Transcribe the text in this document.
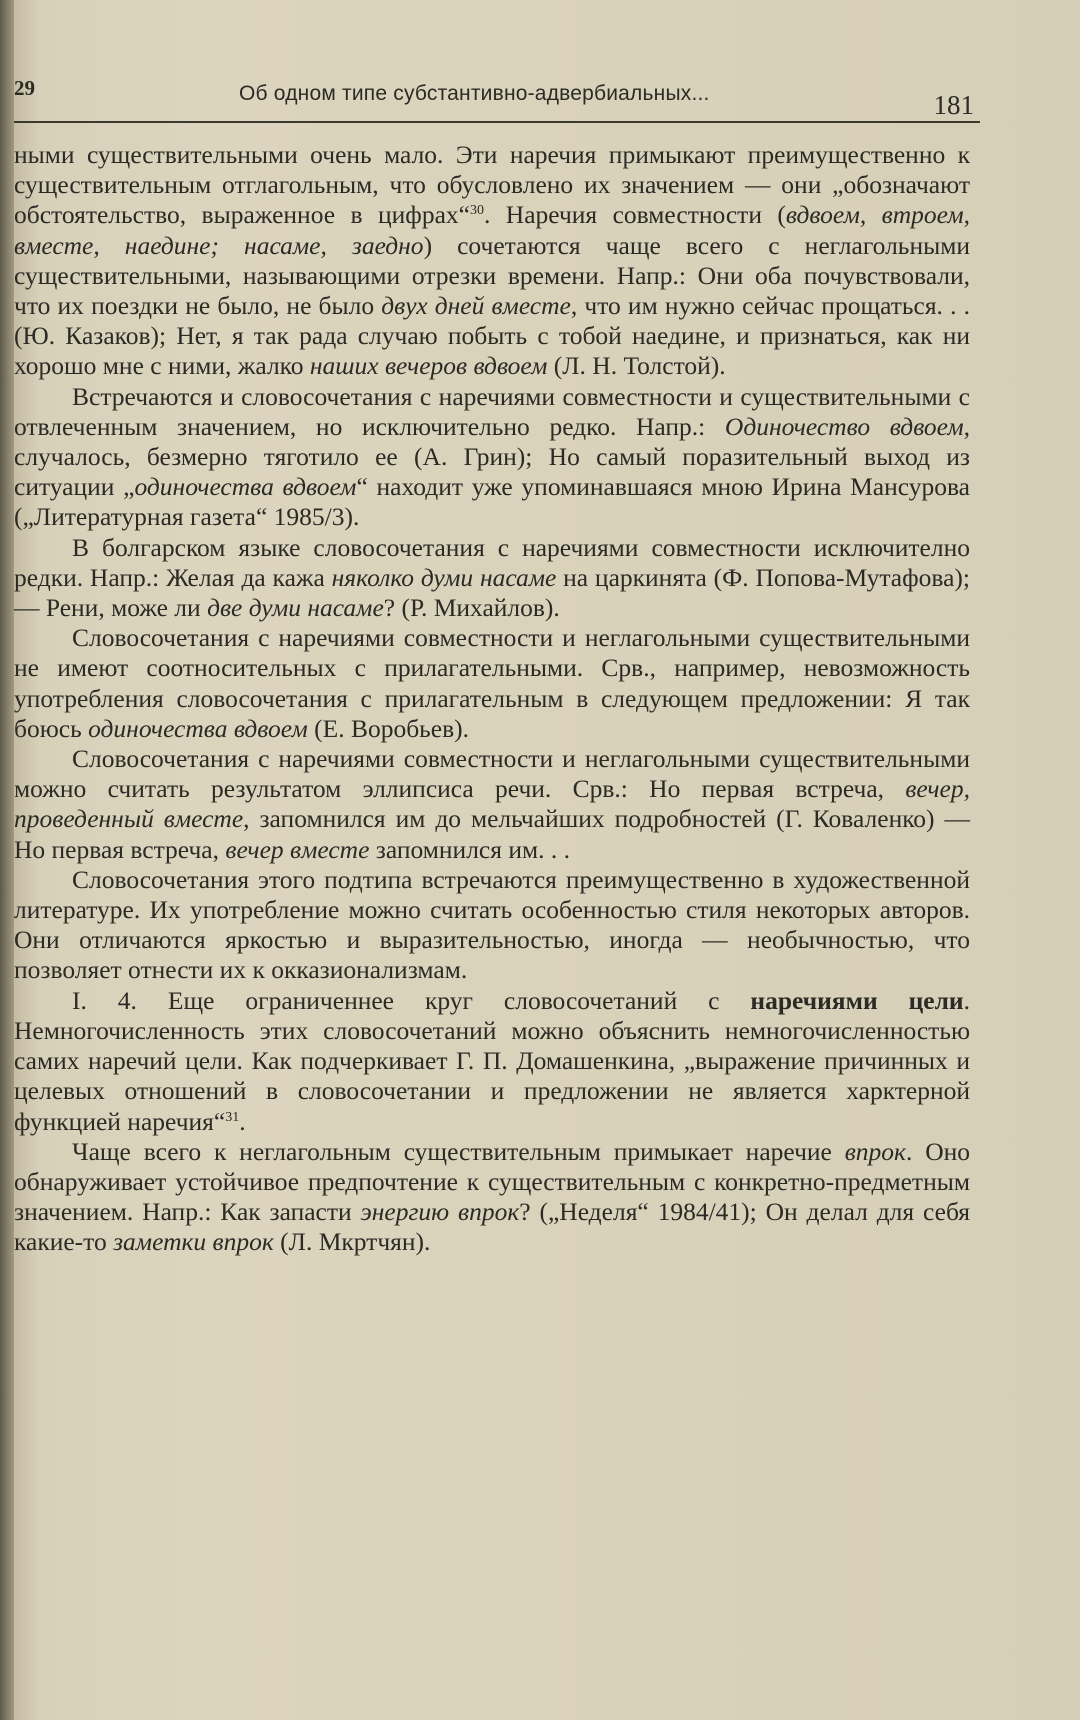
29	Об одном типе субстантивно-адвербиальных...	181

ными существительными очень мало. Эти наречия примыкают преимущественно к существительным отглагольным, что обусловлено их значением — они „обозначают обстоятельство, выраженное в цифрах“$^{30}$. Наречия совместности (вдвоем, втроем, вместе, наедине; насаме, заедно) сочетаются чаще всего с неглагольными существительными, называющими отрезки времени. Напр.: Они оба почувствовали, что их поездки не было, не было двух дней вместе, что им нужно сейчас прощаться. . . (Ю. Казаков); Нет, я так рада случаю побыть с тобой наедине, и признаться, как ни хорошо мне с ними, жалко наших вечеров вдвоем (Л. Н. Толстой).

Встречаются и словосочетания с наречиями совместности и существительными с отвлеченным значением, но исключительно редко. Напр.: Одиночество вдвоем, случалось, безмерно тяготило ее (А. Грин); Но самый поразительный выход из ситуации „одиночества вдвоем“ находит уже упоминавшаяся мною Ирина Мансурова („Литературная газета“ 1985/3).

В болгарском языке словосочетания с наречиями совместности исключително редки. Напр.: Желая да кажа няколко думи насаме на царкинята (Ф. Попова-Мутафова); — Рени, може ли две думи насаме? (Р. Михайлов).

Словосочетания с наречиями совместности и неглагольными существительными не имеют соотносительных с прилагательными. Срв., например, невозможность употребления словосочетания с прилагательным в следующем предложении: Я так боюсь одиночества вдвоем (Е. Воробьев).

Словосочетания с наречиями совместности и неглагольными существительными можно считать результатом эллипсиса речи. Срв.: Но первая встреча, вечер, проведенный вместе, запомнился им до мельчайших подробностей (Г. Коваленко) — Но первая встреча, вечер вместе запомнился им. . .

Словосочетания этого подтипа встречаются преимущественно в художественной литературе. Их употребление можно считать особенностью стиля некоторых авторов. Они отличаются яркостью и выразительностью, иногда — необычностью, что позволяет отнести их к окказионализмам.

I. 4. Еще ограниченнее круг словосочетаний с наречиями цели. Немногочисленность этих словосочетаний можно объяснить немногочисленностью самих наречий цели. Как подчеркивает Г. П. Домашенкина, „выражение причинных и целевых отношений в словосочетании и предложении не является харктерной функцией наречия“$^{31}$.

Чаще всего к неглагольным существительным примыкает наречие впрок. Оно обнаруживает устойчивое предпочтение к существительным с конкретно-предметным значением. Напр.: Как запасти энергию впрок? („Неделя“ 1984/41); Он делал для себя какие-то заметки впрок (Л. Мкртчян).
